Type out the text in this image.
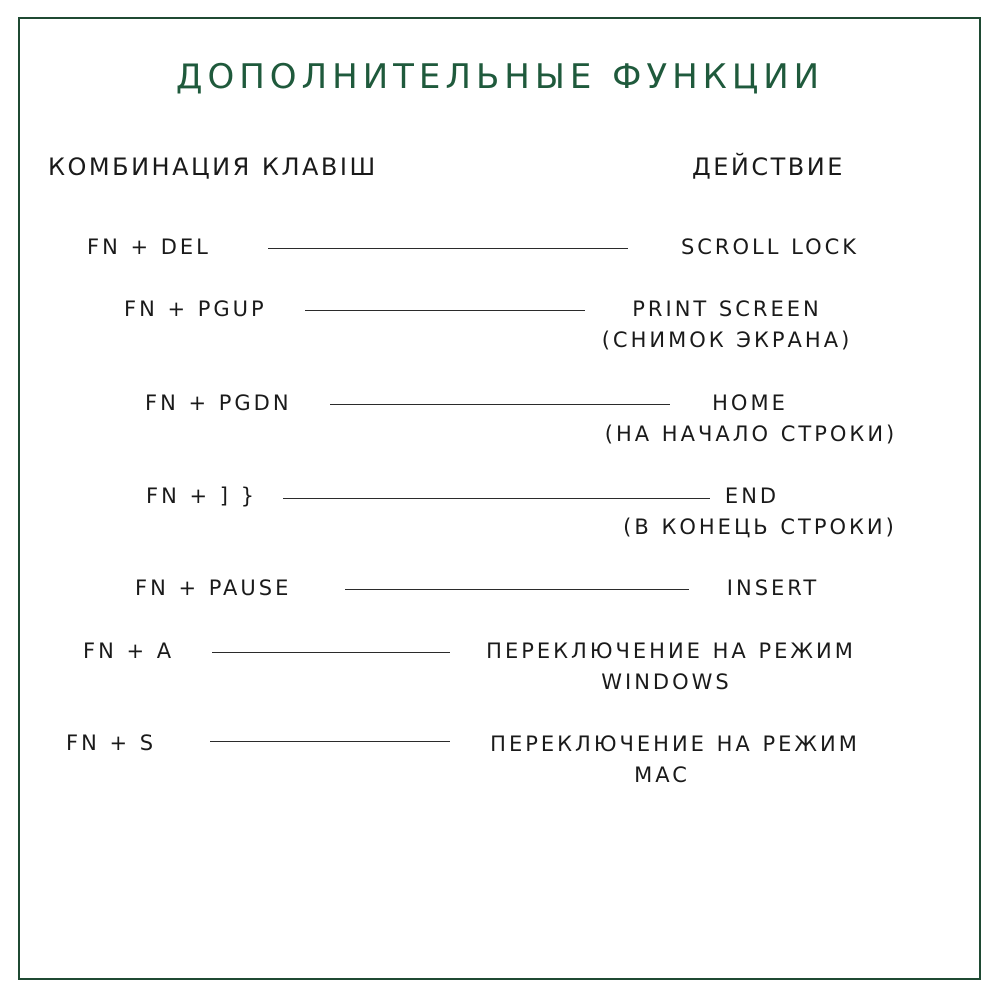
ДОПОЛНИТЕЛЬНЫЕ ФУНКЦИИ
КОМБИНАЦИЯ КЛАВІШ	ДЕЙСТВИЕ
FN + DEL	SCROLL LOCK
FN + PGUP	PRINT SCREEN
(СНИМОК ЭКРАНА)
FN + PGDN	HOME
(НА НАЧАЛО СТРОКИ)
FN + ] }	END
(В КОНЕЦЬ СТРОКИ)
FN + PAUSE	INSERT
FN + A	ПЕРЕКЛЮЧЕНИЕ НА РЕЖИМ
WINDOWS
FN + S	ПЕРЕКЛЮЧЕНИЕ НА РЕЖИМ
MAC
